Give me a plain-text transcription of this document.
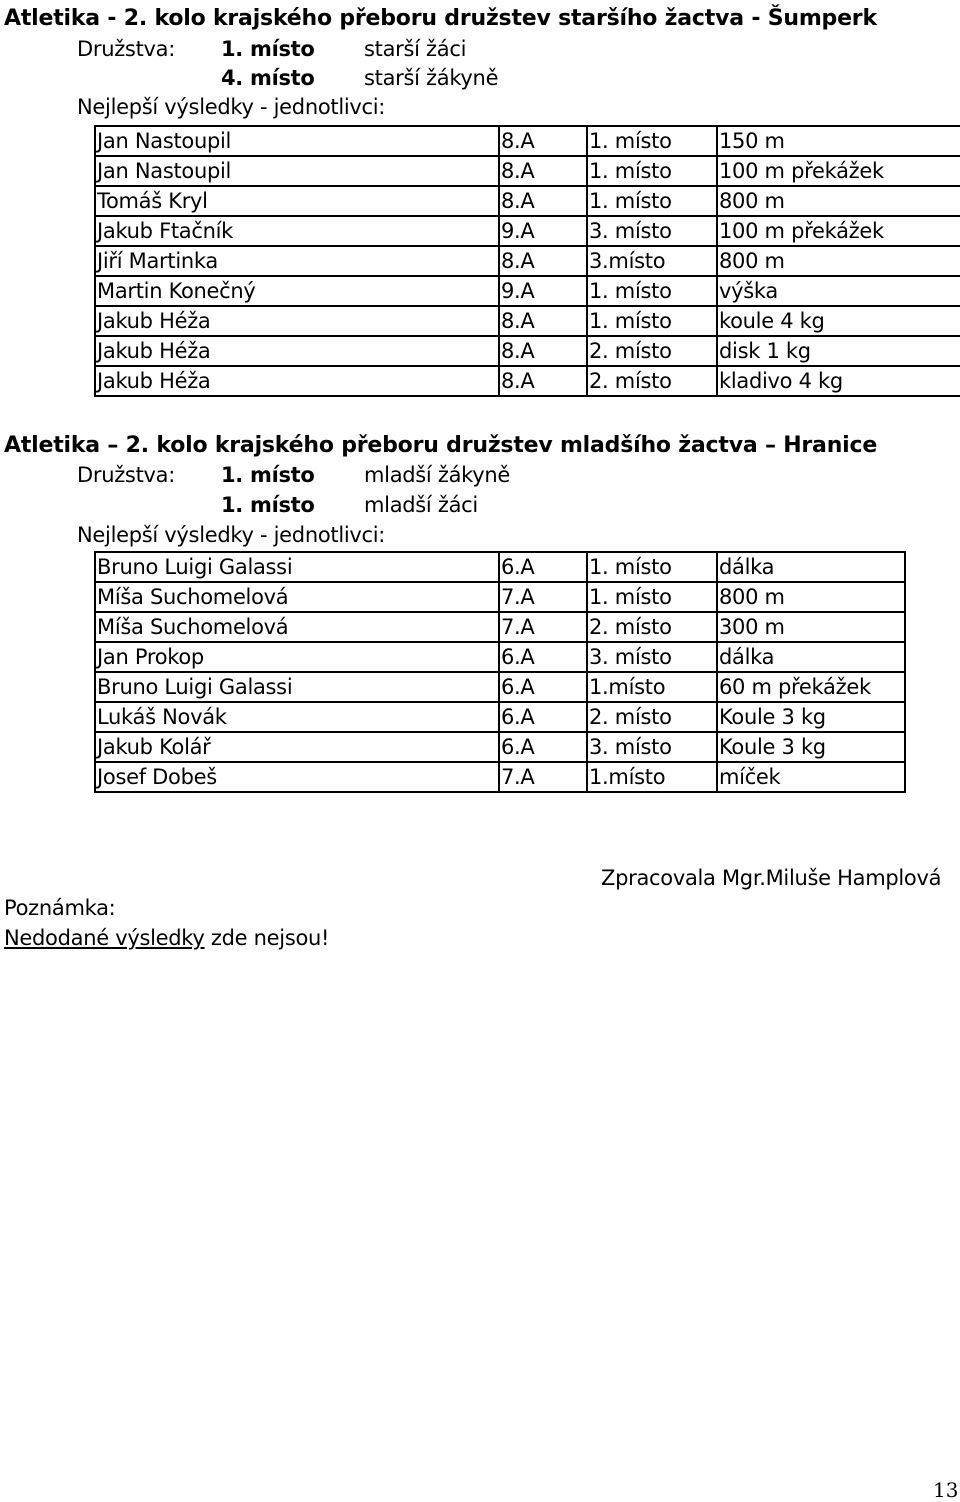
Atletika - 2. kolo krajského přeboru družstev staršího žactva - Šumperk
Družstva: 1. místo starší žáci
4. místo starší žákyně
Nejlepší výsledky - jednotlivci:
Jan Nastoupil	8.A	1. místo	150 m
Jan Nastoupil	8.A	1. místo	100 m překážek
Tomáš Kryl	8.A	1. místo	800 m
Jakub Ftačník	9.A	3. místo	100 m překážek
Jiří Martinka	8.A	3.místo	800 m
Martin Konečný	9.A	1. místo	výška
Jakub Héža	8.A	1. místo	koule 4 kg
Jakub Héža	8.A	2. místo	disk 1 kg
Jakub Héža	8.A	2. místo	kladivo 4 kg
Atletika – 2. kolo krajského přeboru družstev mladšího žactva – Hranice
Družstva: 1. místo mladší žákyně
1. místo mladší žáci
Nejlepší výsledky - jednotlivci:
Bruno Luigi Galassi	6.A	1. místo	dálka
Míša Suchomelová	7.A	1. místo	800 m
Míša Suchomelová	7.A	2. místo	300 m
Jan Prokop	6.A	3. místo	dálka
Bruno Luigi Galassi	6.A	1.místo	60 m překážek
Lukáš Novák	6.A	2. místo	Koule 3 kg
Jakub Kolář	6.A	3. místo	Koule 3 kg
Josef Dobeš	7.A	1.místo	míček
Zpracovala Mgr.Miluše Hamplová
Poznámka:
Nedodané výsledky zde nejsou!
13
